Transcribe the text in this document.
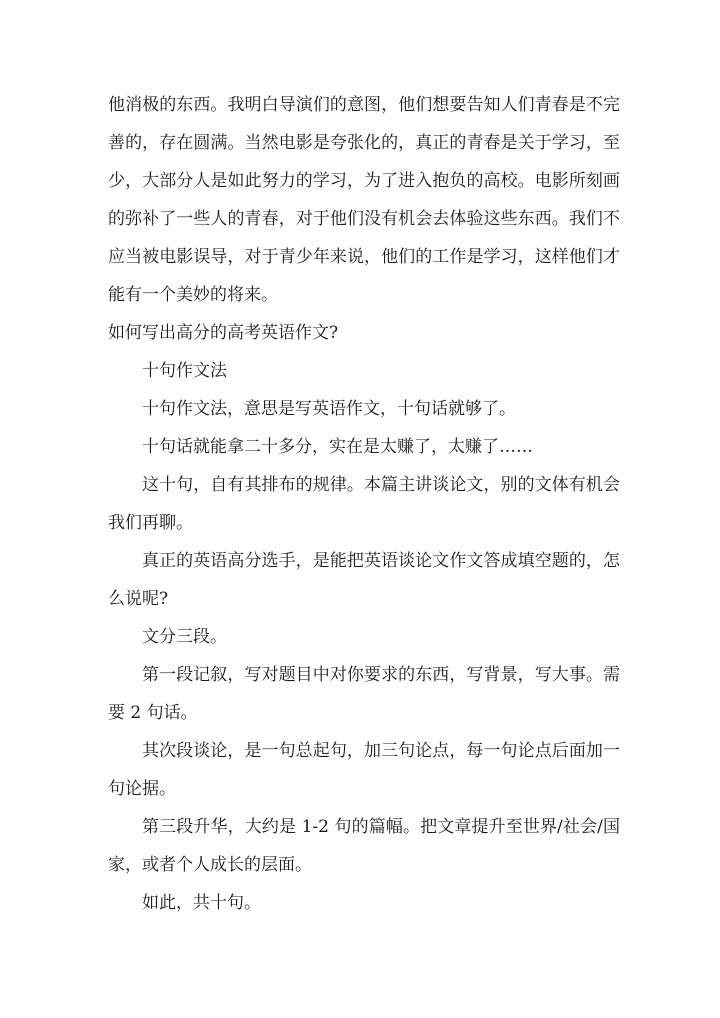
他消极的东西。我明白导演们的意图，他们想要告知人们青春是不完
善的，存在圆满。当然电影是夸张化的，真正的青春是关于学习，至
少，大部分人是如此努力的学习，为了进入抱负的高校。电影所刻画
的弥补了一些人的青春，对于他们没有机会去体验这些东西。我们不
应当被电影误导，对于青少年来说，他们的工作是学习，这样他们才
能有一个美妙的将来。
如何写出高分的高考英语作文?
十句作文法
十句作文法，意思是写英语作文，十句话就够了。
十句话就能拿二十多分，实在是太赚了，太赚了……
这十句，自有其排布的规律。本篇主讲谈论文，别的文体有机会
我们再聊。
真正的英语高分选手，是能把英语谈论文作文答成填空题的，怎
么说呢?
文分三段。
第一段记叙，写对题目中对你要求的东西，写背景，写大事。需
要 2 句话。
其次段谈论，是一句总起句，加三句论点，每一句论点后面加一
句论据。
第三段升华，大约是 1-2 句的篇幅。把文章提升至世界/社会/国
家，或者个人成长的层面。
如此，共十句。
